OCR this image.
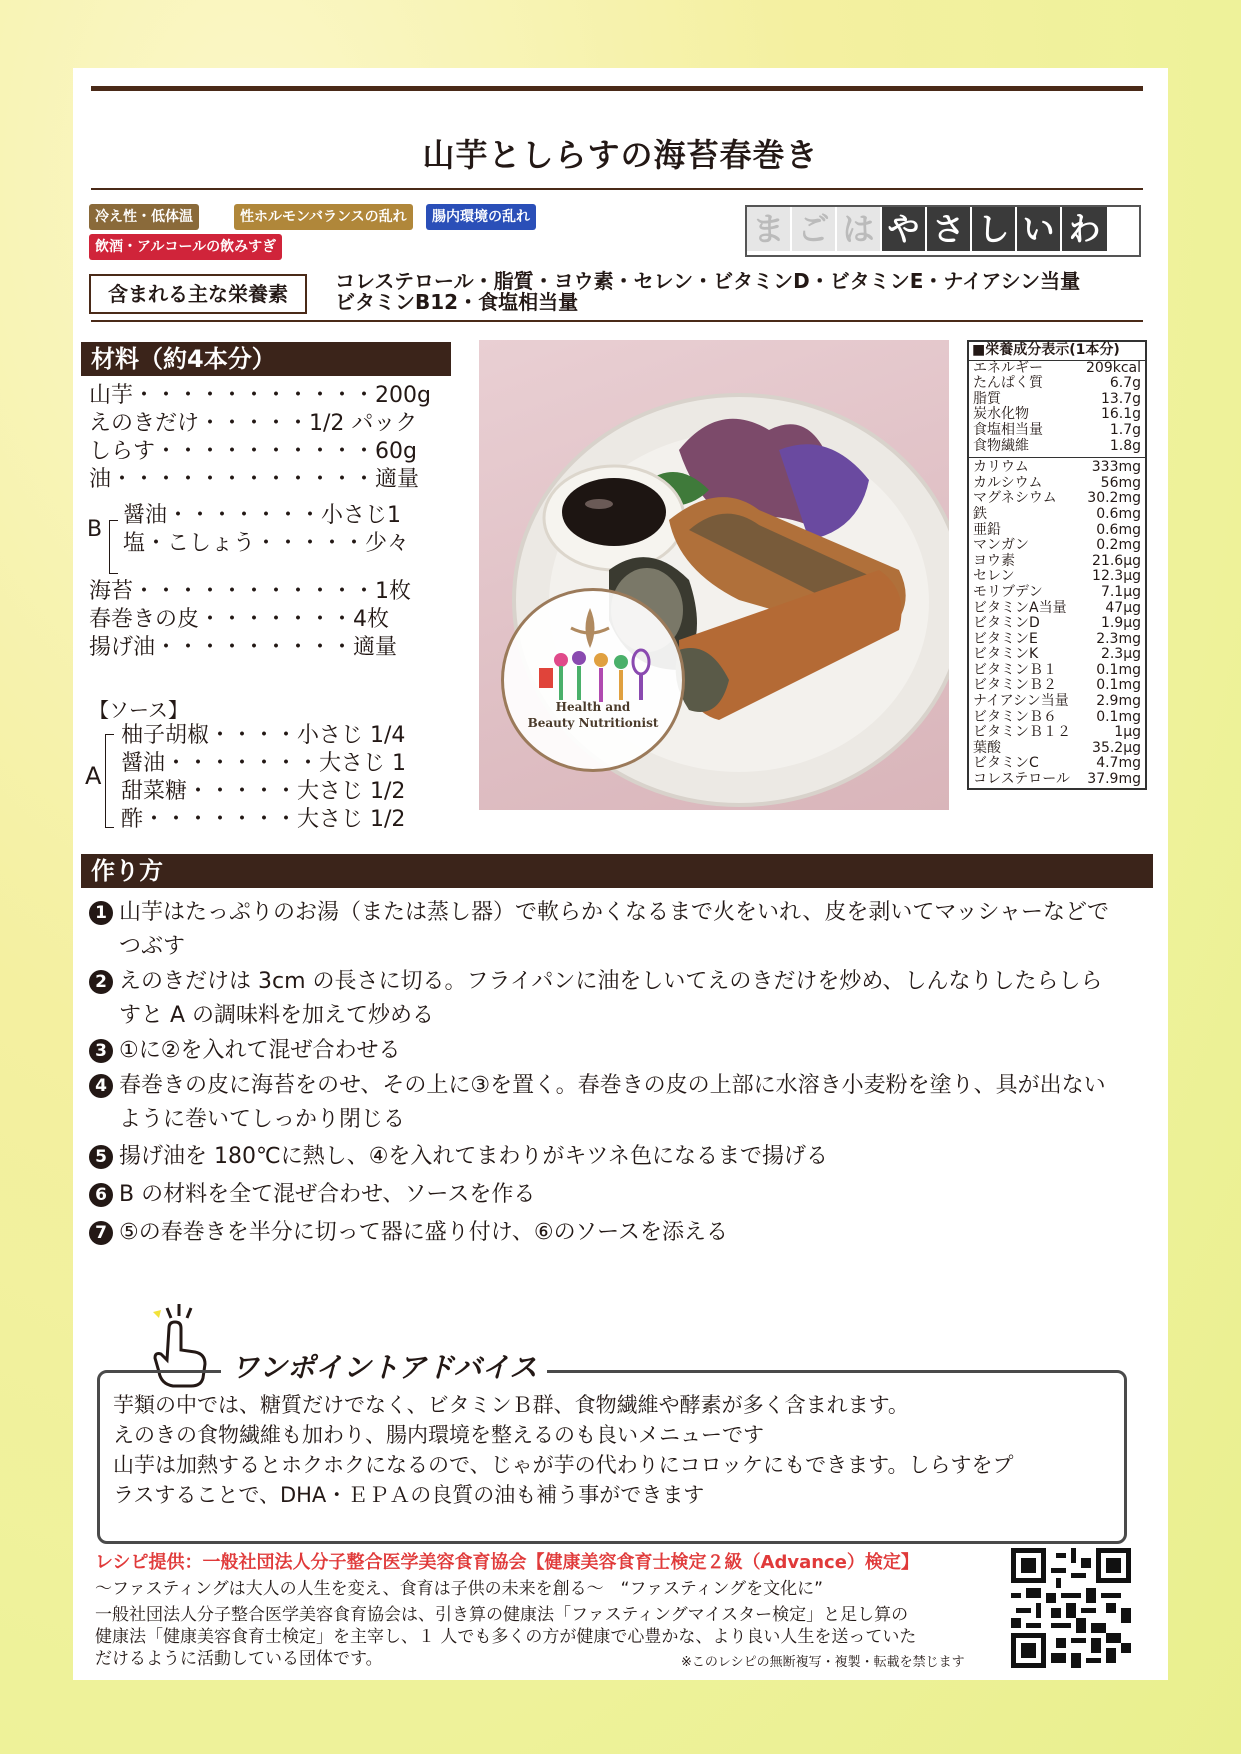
山芋としらすの海苔春巻き
冷え性・低体温	性ホルモンバランスの乱れ	腸内環境の乱れ
飲酒・アルコールの飲みすぎ	ま ご は や さ し い わ
含まれる主な栄養素
コレステロール・脂質・ヨウ素・セレン・ビタミンD・ビタミンE・ナイアシン当量
ビタミンB12・食塩相当量
材料（約4本分）
山芋・・・・・・・・・・・200g
えのきだけ・・・・・1/2 パック
しらす・・・・・・・・・・60g
油・・・・・・・・・・・・適量
B
醤油・・・・・・・小さじ1
塩・こしょう・・・・・少々
海苔・・・・・・・・・・・1枚
春巻きの皮・・・・・・・4枚
揚げ油・・・・・・・・・適量
【ソース】
A
柚子胡椒・・・・小さじ 1/4
醤油・・・・・・・大さじ 1
甜菜糖・・・・・大さじ 1/2
酢・・・・・・・大さじ 1/2
Health and
Beauty Nutritionist
■栄養成分表示(1本分)
エネルギー	209kcal
たんぱく質	6.7g
脂質	13.7g
炭水化物	16.1g
食塩相当量	1.7g
食物繊維	1.8g
カリウム	333mg
カルシウム	56mg
マグネシウム 30.2mg
鉄	0.6mg
亜鉛	0.6mg
マンガン	0.2mg
ヨウ素	21.6μg
セレン	12.3μg
モリブデン	7.1μg
ビタミンA当量	47μg
ビタミンD	1.9μg
ビタミンE	2.3mg
ビタミンK	2.3μg
ビタミンＢ１	0.1mg
ビタミンＢ２	0.1mg
ナイアシン当量 2.9mg
ビタミンＢ６	0.1mg
ビタミンＢ１２	1μg
葉酸	35.2μg
ビタミンC	4.7mg
コレステロール 37.9mg
作り方
1 山芋はたっぷりのお湯（または蒸し器）で軟らかくなるまで火をいれ、皮を剥いてマッシャーなどでつぶす
2 えのきだけは 3cm の長さに切る。フライパンに油をしいてえのきだけを炒め、しんなりしたらしらすと A の調味料を加えて炒める
3 ①に②を入れて混ぜ合わせる
4 春巻きの皮に海苔をのせ、その上に③を置く。春巻きの皮の上部に水溶き小麦粉を塗り、具が出ないように巻いてしっかり閉じる
5 揚げ油を 180℃に熱し、④を入れてまわりがキツネ色になるまで揚げる
6 B の材料を全て混ぜ合わせ、ソースを作る
7 ⑤の春巻きを半分に切って器に盛り付け、⑥のソースを添える
ワンポイントアドバイス
芋類の中では、糖質だけでなく、ビタミンＢ群、食物繊維や酵素が多く含まれます。
えのきの食物繊維も加わり、腸内環境を整えるのも良いメニューです
山芋は加熱するとホクホクになるので、じゃが芋の代わりにコロッケにもできます。しらすをプ
ラスすることで、DHA・ＥＰＡの良質の油も補う事ができます
レシピ提供：一般社団法人分子整合医学美容食育協会【健康美容食育士検定２級（Advance）検定】
〜ファスティングは大人の人生を変え、食育は子供の未来を創る〜　“ファスティングを文化に”
一般社団法人分子整合医学美容食育協会は、引き算の健康法「ファスティングマイスター検定」と足し算の
健康法「健康美容食育士検定」を主宰し、１ 人でも多くの方が健康で心豊かな、より良い人生を送っていた
だけるように活動している団体です。	※このレシピの無断複写・複製・転載を禁じます
